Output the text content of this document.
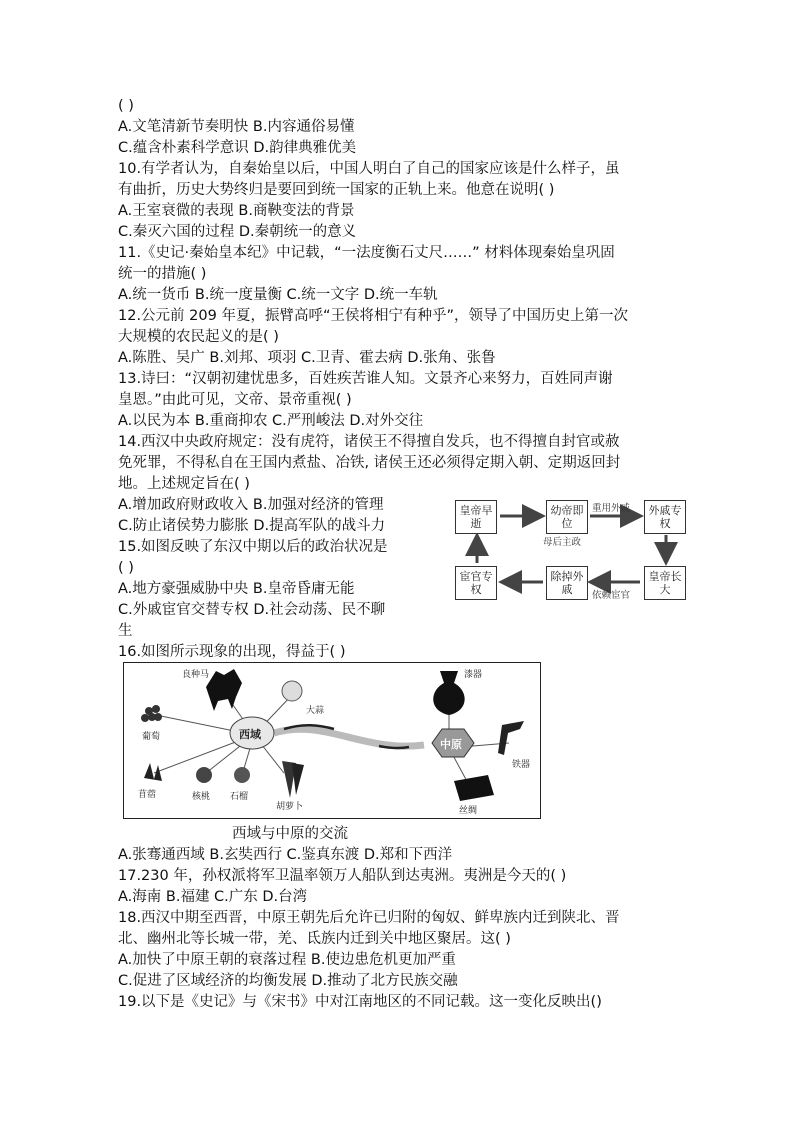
( )
A.文笔清新节奏明快 B.内容通俗易懂
C.蕴含朴素科学意识 D.韵律典雅优美
10.有学者认为，自秦始皇以后，中国人明白了自己的国家应该是什么样子，虽
有曲折，历史大势终归是要回到统一国家的正轨上来。他意在说明( )
A.王室衰微的表现 B.商鞅变法的背景
C.秦灭六国的过程 D.秦朝统一的意义
11.《史记·秦始皇本纪》中记载，“一法度衡石丈尺……” 材料体现秦始皇巩固
统一的措施( )
A.统一货币 B.统一度量衡 C.统一文字 D.统一车轨
12.公元前 209 年夏，振臂高呼“王侯将相宁有种乎”，领导了中国历史上第一次
大规模的农民起义的是( )
A.陈胜、吴广 B.刘邦、项羽 C.卫青、霍去病 D.张角、张鲁
13.诗曰：“汉朝初建忧患多，百姓疾苦谁人知。文景齐心来努力，百姓同声谢
皇恩。”由此可见，文帝、景帝重视( )
A.以民为本 B.重商抑农 C.严刑峻法 D.对外交往
14.西汉中央政府规定：没有虎符，诸侯王不得擅自发兵，也不得擅自封官或赦
免死罪，不得私自在王国内煮盐、冶铁, 诸侯王还必须得定期入朝、定期返回封
地。上述规定旨在( )
A.增加政府财政收入 B.加强对经济的管理
C.防止诸侯势力膨胀 D.提高军队的战斗力
15.如图反映了东汉中期以后的政治状况是
( )
A.地方豪强威胁中央 B.皇帝昏庸无能
C.外戚宦官交替专权 D.社会动荡、民不聊
生
16.如图所示现象的出现，得益于( )
皇帝早逝
幼帝即位
外戚专权
皇帝长大
除掉外戚
宦官专权
重用外戚
母后主政
依赖宦官
西域
中原
良种马
大蒜
葡萄
苜蓿	核桃 石榴
胡萝卜
漆器
铁器
丝绸
西域与中原的交流
A.张骞通西域 B.玄奘西行 C.鉴真东渡 D.郑和下西洋
17.230 年，孙权派将军卫温率领万人船队到达夷洲。夷洲是今天的( )
A.海南 B.福建 C.广东 D.台湾
18.西汉中期至西晋，中原王朝先后允许已归附的匈奴、鲜卑族内迁到陕北、晋
北、幽州北等长城一带，羌、氐族内迁到关中地区聚居。这( )
A.加快了中原王朝的衰落过程 B.使边患危机更加严重
C.促进了区域经济的均衡发展 D.推动了北方民族交融
19.以下是《史记》与《宋书》中对江南地区的不同记载。这一变化反映出()
